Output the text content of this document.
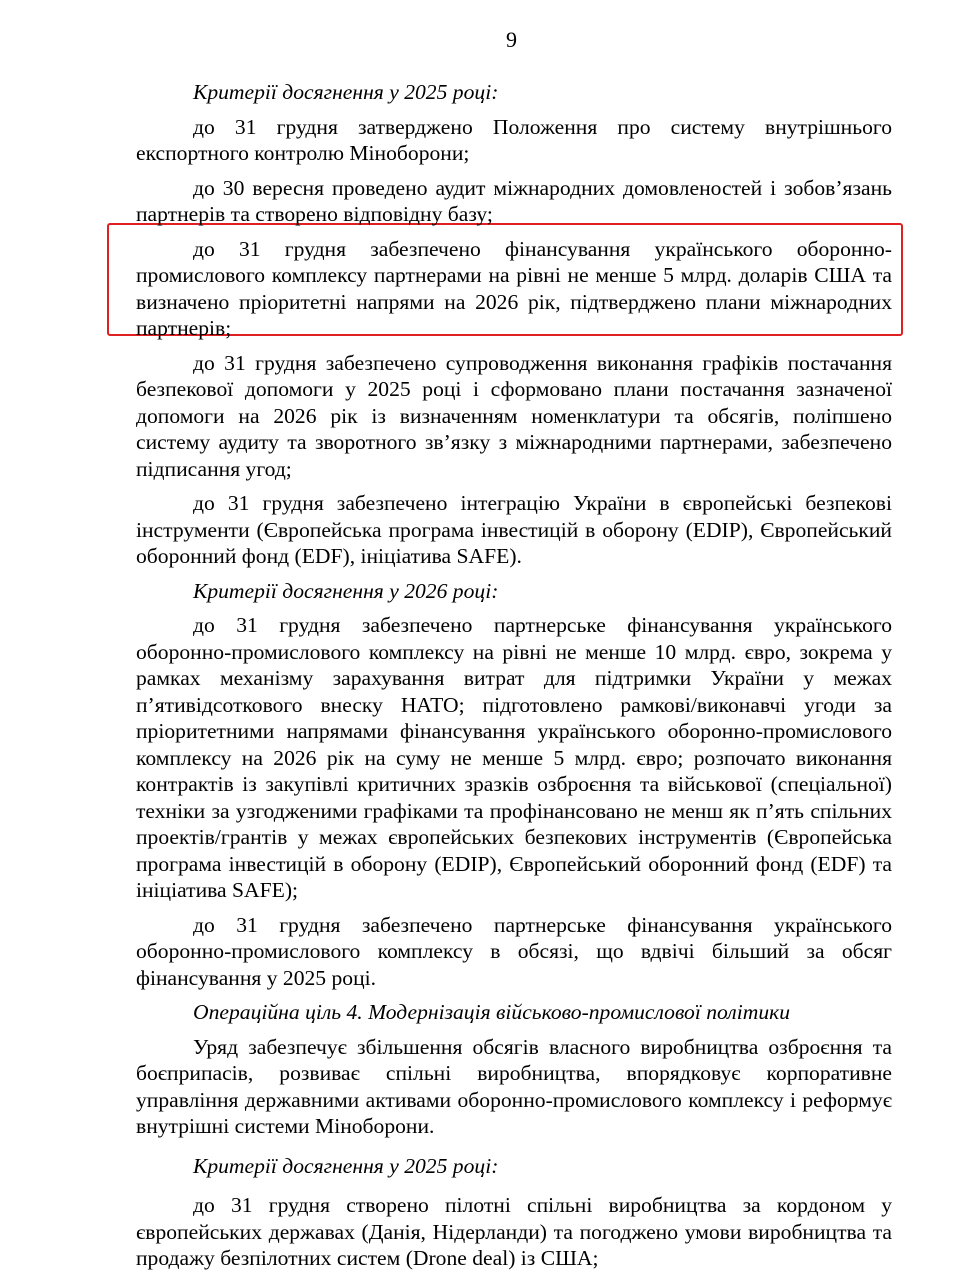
9

Критерії досягнення у 2025 році:

до 31 грудня затверджено Положення про систему внутрішнього експортного контролю Міноборони;

до 30 вересня проведено аудит міжнародних домовленостей і зобов’язань партнерів та створено відповідну базу;

до 31 грудня забезпечено фінансування українського оборонно-промислового комплексу партнерами на рівні не менше 5 млрд. доларів США та визначено пріоритетні напрями на 2026 рік, підтверджено плани міжнародних партнерів;

до 31 грудня забезпечено супроводження виконання графіків постачання безпекової допомоги у 2025 році і сформовано плани постачання зазначеної допомоги на 2026 рік із визначенням номенклатури та обсягів, поліпшено систему аудиту та зворотного зв’язку з міжнародними партнерами, забезпечено підписання угод;

до 31 грудня забезпечено інтеграцію України в європейські безпекові інструменти (Європейська програма інвестицій в оборону (EDIP), Європейський оборонний фонд (EDF), ініціатива SAFE).

Критерії досягнення у 2026 році:

до 31 грудня забезпечено партнерське фінансування українського оборонно-промислового комплексу на рівні не менше 10 млрд. євро, зокрема у рамках механізму зарахування витрат для підтримки України у межах п’ятивідсоткового внеску НАТО; підготовлено рамкові/виконавчі угоди за пріоритетними напрямами фінансування українського оборонно-промислового комплексу на 2026 рік на суму не менше 5 млрд. євро; розпочато виконання контрактів із закупівлі критичних зразків озброєння та військової (спеціальної) техніки за узгодженими графіками та профінансовано не менш як п’ять спільних проектів/грантів у межах європейських безпекових інструментів (Європейська програма інвестицій в оборону (EDIP), Європейський оборонний фонд (EDF) та ініціатива SAFE);

до 31 грудня забезпечено партнерське фінансування українського оборонно-промислового комплексу в обсязі, що вдвічі більший за обсяг фінансування у 2025 році.

Операційна ціль 4. Модернізація військово-промислової політики

Уряд забезпечує збільшення обсягів власного виробництва озброєння та боєприпасів, розвиває спільні виробництва, впорядковує корпоративне управління державними активами оборонно-промислового комплексу і реформує внутрішні системи Міноборони.

Критерії досягнення у 2025 році:

до 31 грудня створено пілотні спільні виробництва за кордоном у європейських державах (Данія, Нідерланди) та погоджено умови виробництва та продажу безпілотних систем (Drone deal) із США;
